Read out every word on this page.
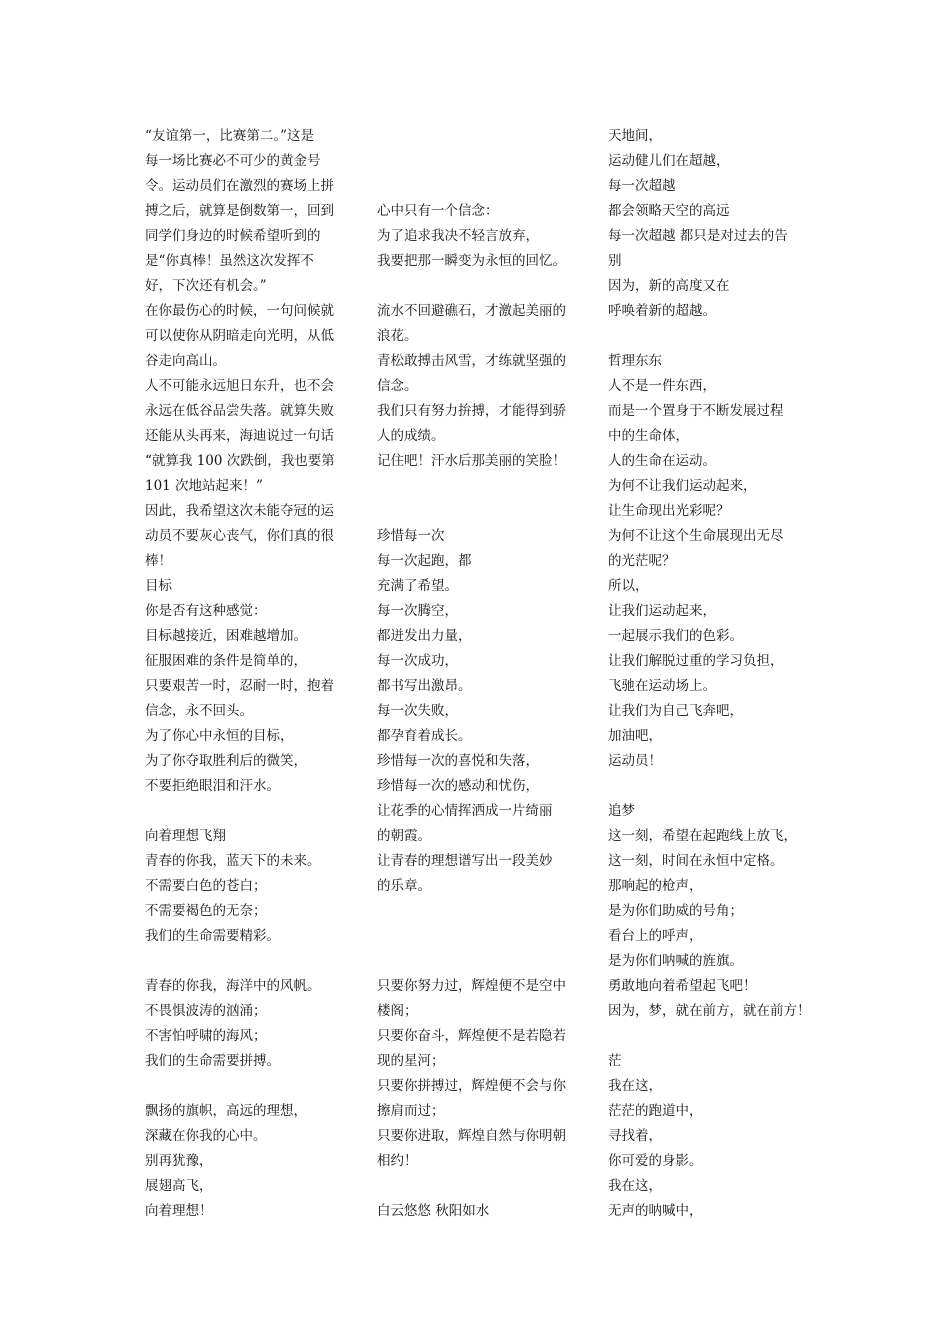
“友谊第一，比赛第二。”这是
每一场比赛必不可少的黄金号
令。运动员们在激烈的赛场上拼
搏之后，就算是倒数第一，回到
同学们身边的时候希望听到的
是“你真棒！虽然这次发挥不
好，下次还有机会。”
在你最伤心的时候，一句问候就
可以使你从阴暗走向光明，从低
谷走向高山。
人不可能永远旭日东升，也不会
永远在低谷品尝失落。就算失败
还能从头再来，海迪说过一句话
“就算我 100 次跌倒，我也要第
101 次地站起来！”
因此，我希望这次未能夺冠的运
动员不要灰心丧气，你们真的很
棒！
目标
你是否有这种感觉：
目标越接近，困难越增加。
征服困难的条件是简单的，
只要艰苦一时，忍耐一时，抱着
信念，永不回头。
为了你心中永恒的目标，
为了你夺取胜利后的微笑，
不要拒绝眼泪和汗水。
向着理想飞翔
青春的你我，蓝天下的未来。
不需要白色的苍白；
不需要褐色的无奈；
我们的生命需要精彩。
青春的你我，海洋中的风帆。
不畏惧波涛的汹涌；
不害怕呼啸的海风；
我们的生命需要拼搏。
飘扬的旗帜，高远的理想，
深藏在你我的心中。
别再犹豫，
展翅高飞，
向着理想！
心中只有一个信念：
为了追求我决不轻言放弃，
我要把那一瞬变为永恒的回忆。
流水不回避礁石，才激起美丽的
浪花。
青松敢搏击风雪，才练就坚强的
信念。
我们只有努力拚搏，才能得到骄
人的成绩。
记住吧！汗水后那美丽的笑脸！
珍惜每一次
每一次起跑，都
充满了希望。
每一次腾空，
都迸发出力量，
每一次成功，
都书写出激昂。
每一次失败，
都孕育着成长。
珍惜每一次的喜悦和失落，
珍惜每一次的感动和忧伤，
让花季的心情挥洒成一片绮丽
的朝霞。
让青春的理想谱写出一段美妙
的乐章。
只要你努力过，辉煌便不是空中
楼阁；
只要你奋斗，辉煌便不是若隐若
现的星河；
只要你拼搏过，辉煌便不会与你
擦肩而过；
只要你进取，辉煌自然与你明朝
相约！
白云悠悠 秋阳如水
天地间，
运动健儿们在超越，
每一次超越
都会领略天空的高远
每一次超越 都只是对过去的告
别
因为，新的高度又在
呼唤着新的超越。
哲理东东
人不是一件东西，
而是一个置身于不断发展过程
中的生命体，
人的生命在运动。
为何不让我们运动起来，
让生命现出光彩呢？
为何不让这个生命展现出无尽
的光茫呢？
所以，
让我们运动起来，
一起展示我们的色彩。
让我们解脱过重的学习负担，
飞驰在运动场上。
让我们为自己飞奔吧，
加油吧，
运动员！
追梦
这一刻，希望在起跑线上放飞，
这一刻，时间在永恒中定格。
那响起的枪声，
是为你们助威的号角；
看台上的呼声，
是为你们呐喊的旌旗。
勇敢地向着希望起飞吧！
因为，梦，就在前方，就在前方！
茫
我在这，
茫茫的跑道中，
寻找着，
你可爱的身影。
我在这，
无声的呐喊中，
